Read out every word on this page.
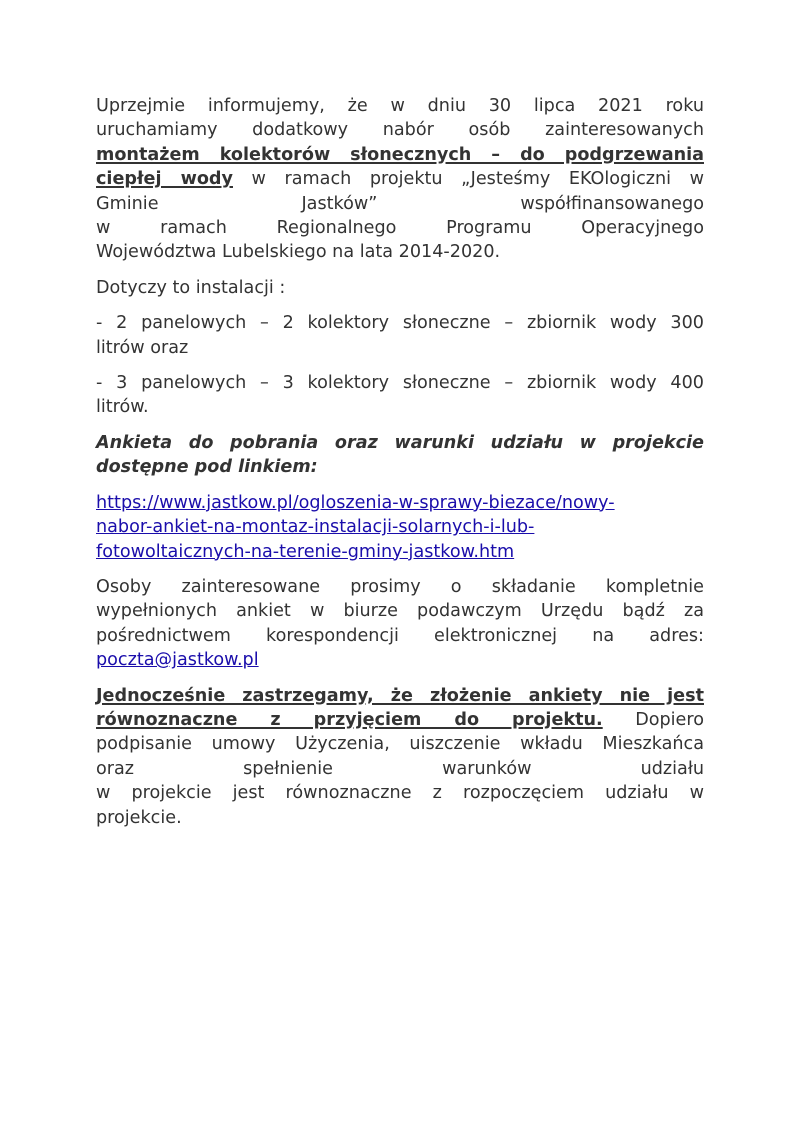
Uprzejmie informujemy, że w dniu 30 lipca 2021 roku
uruchamiamy dodatkowy nabór osób zainteresowanych
montażem kolektorów słonecznych – do podgrzewania
ciepłej wody w ramach projektu „Jesteśmy EKOlogiczni w
Gminie Jastków” współfinansowanego
w ramach Regionalnego Programu Operacyjnego

Województwa Lubelskiego na lata 2014-2020.

Dotyczy to instalacji :

- 2 panelowych – 2 kolektory słoneczne – zbiornik wody 300

litrów oraz

- 3 panelowych – 3 kolektory słoneczne – zbiornik wody 400

litrów.

Ankieta do pobrania oraz warunki udziału w projekcie

dostępne pod linkiem:

https://www.jastkow.pl/ogloszenia-w-sprawy-biezace/nowy-
nabor-ankiet-na-montaz-instalacji-solarnych-i-lub-
fotowoltaicznych-na-terenie-gminy-jastkow.htm

Osoby zainteresowane prosimy o składanie kompletnie
wypełnionych ankiet w biurze podawczym Urzędu bądź za
pośrednictwem korespondencji elektronicznej na adres:

poczta@jastkow.pl

Jednocześnie zastrzegamy, że złożenie ankiety nie jest
równoznaczne z przyjęciem do projektu. Dopiero
podpisanie umowy Użyczenia, uiszczenie wkładu Mieszkańca
oraz spełnienie warunków udziału
w projekcie jest równoznaczne z rozpoczęciem udziału w

projekcie.
